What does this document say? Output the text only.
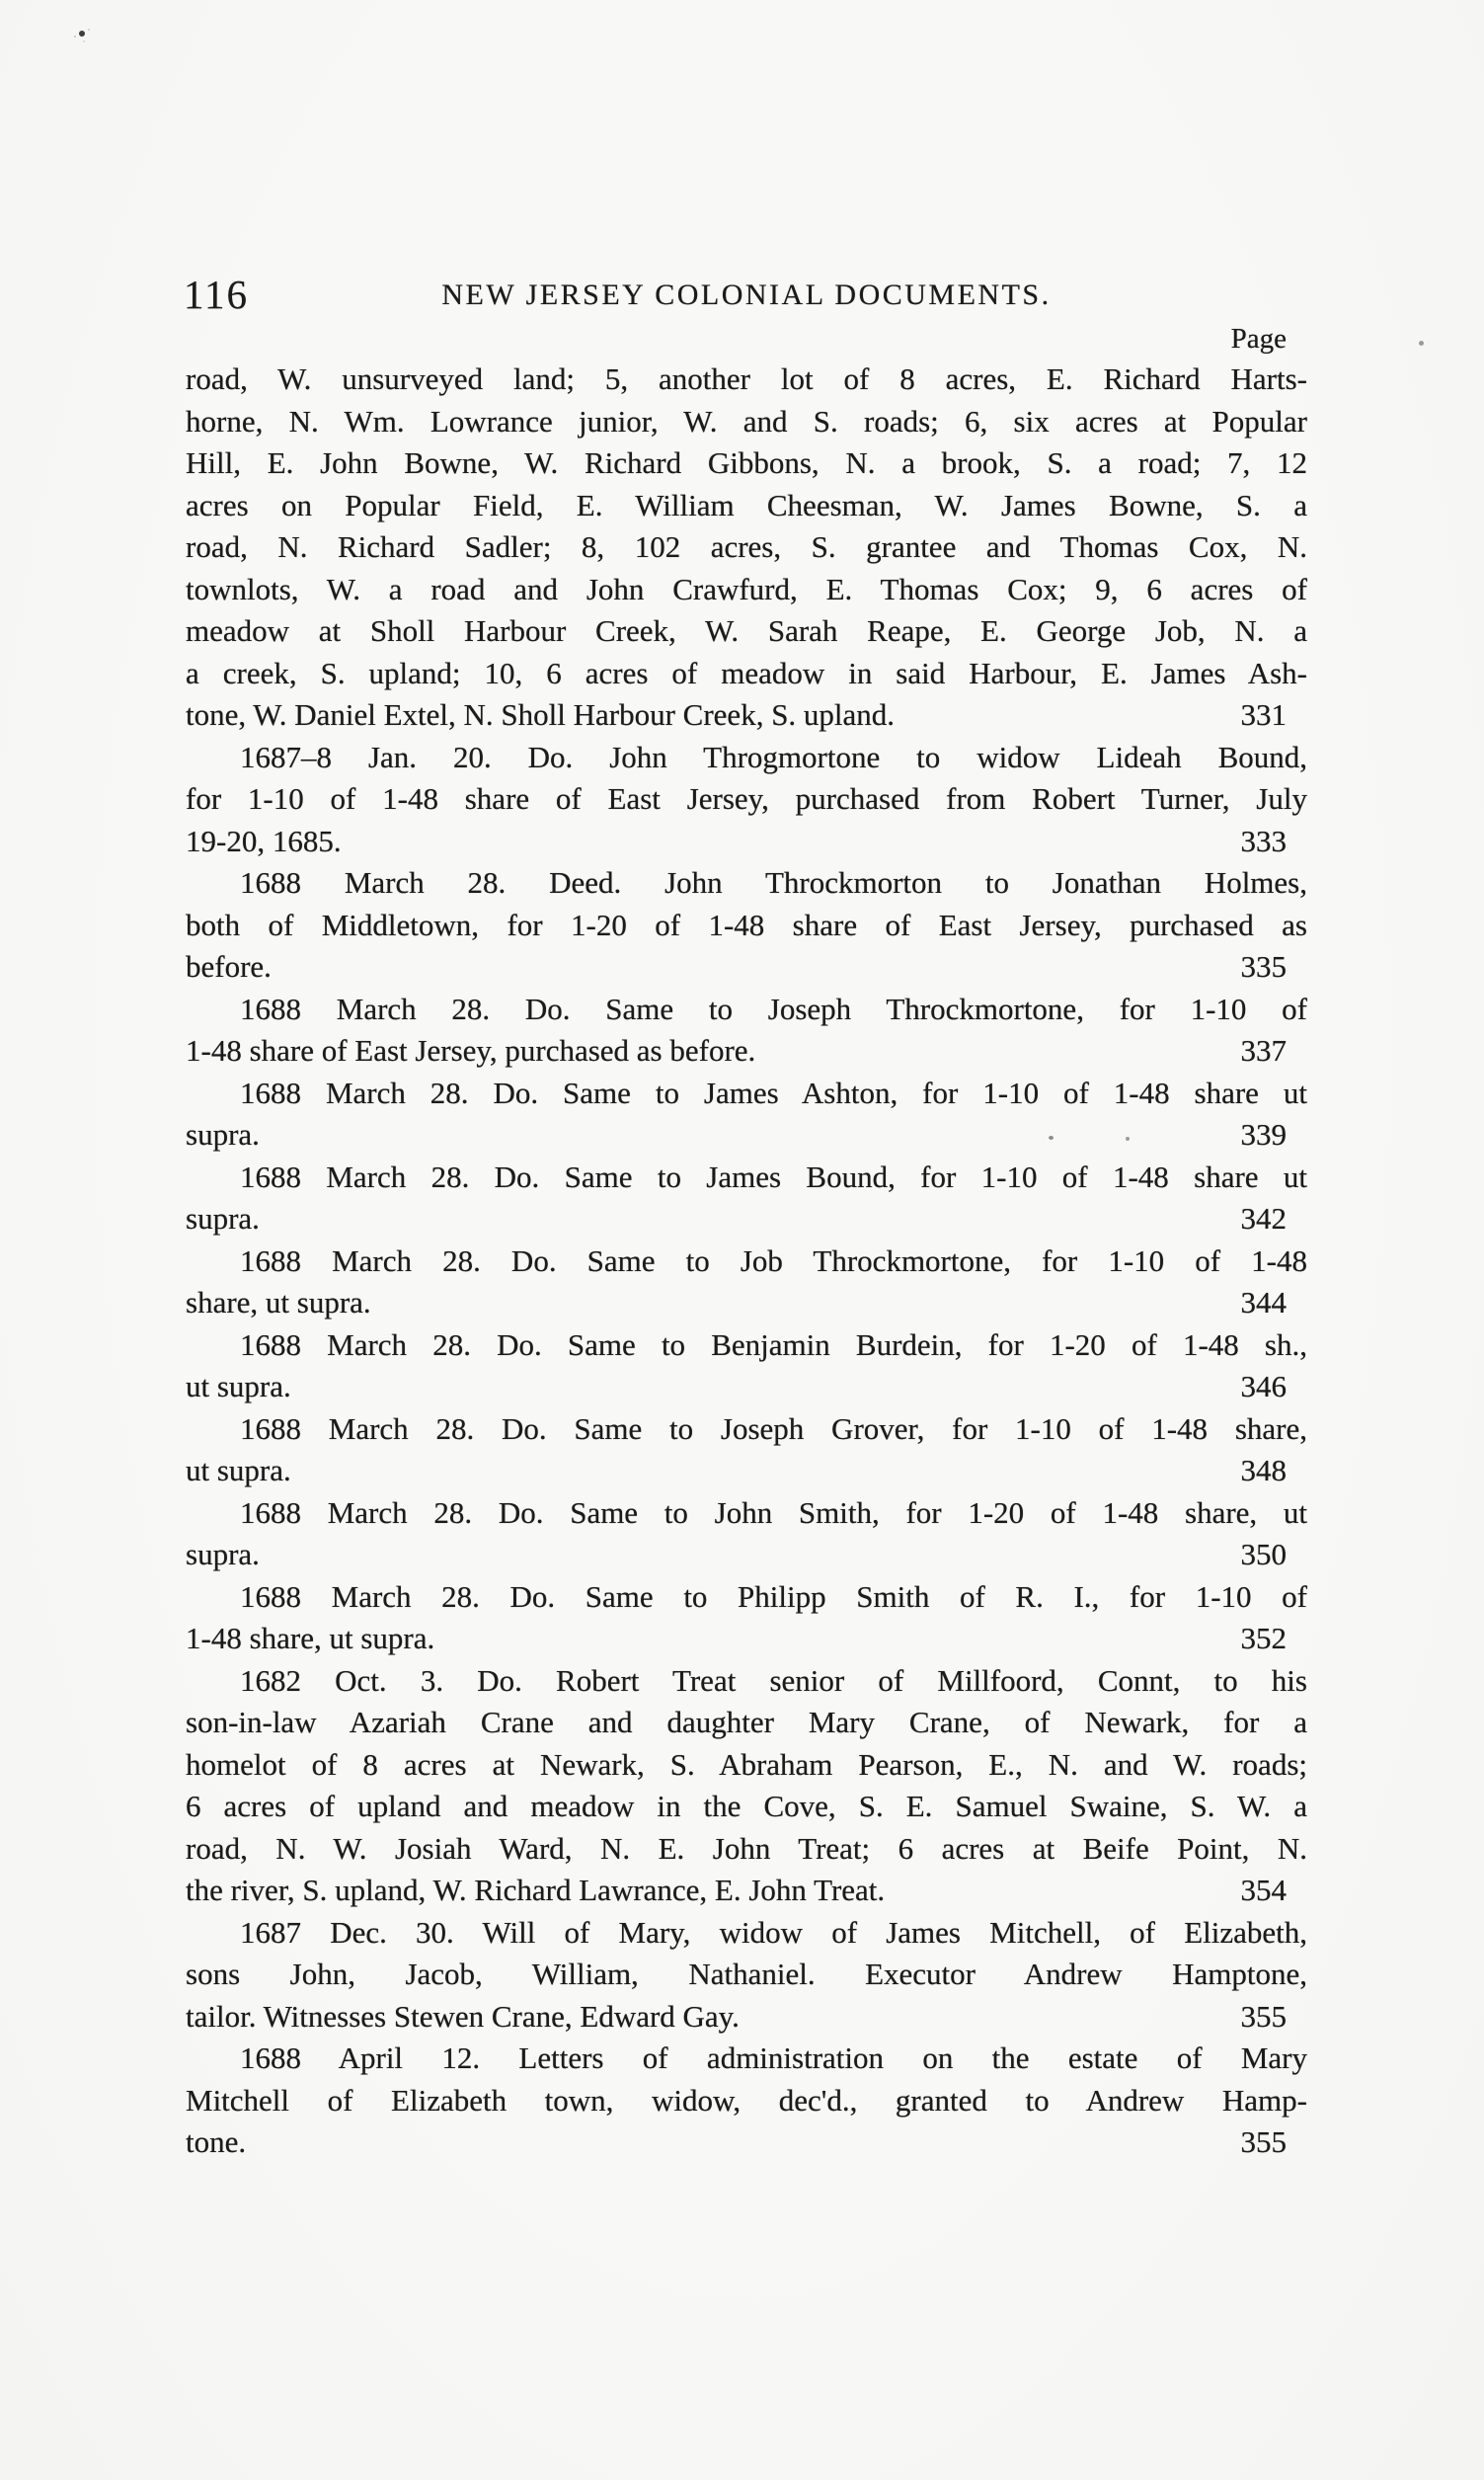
116	NEW JERSEY COLONIAL DOCUMENTS.
Page
road, W. unsurveyed land; 5, another lot of 8 acres, E. Richard Harts-
horne, N. Wm. Lowrance junior, W. and S. roads; 6, six acres at Popular
Hill, E. John Bowne, W. Richard Gibbons, N. a brook, S. a road; 7, 12
acres on Popular Field, E. William Cheesman, W. James Bowne, S. a
road, N. Richard Sadler; 8, 102 acres, S. grantee and Thomas Cox, N.
townlots, W. a road and John Crawfurd, E. Thomas Cox; 9, 6 acres of
meadow at Sholl Harbour Creek, W. Sarah Reape, E. George Job, N. a
a creek, S. upland; 10, 6 acres of meadow in said Harbour, E. James Ash-
331
tone, W. Daniel Extel, N. Sholl Harbour Creek, S. upland.
1687–8 Jan. 20. Do. John Throgmortone to widow Lideah Bound,
for 1-10 of 1-48 share of East Jersey, purchased from Robert Turner, July
333
19-20, 1685.
1688 March 28. Deed. John Throckmorton to Jonathan Holmes,
both of Middletown, for 1-20 of 1-48 share of East Jersey, purchased as
335
before.
1688 March 28. Do. Same to Joseph Throckmortone, for 1-10 of
337
1-48 share of East Jersey, purchased as before.
1688 March 28. Do. Same to James Ashton, for 1-10 of 1-48 share ut
339
supra.
1688 March 28. Do. Same to James Bound, for 1-10 of 1-48 share ut
342
supra.
1688 March 28. Do. Same to Job Throckmortone, for 1-10 of 1-48
344
share, ut supra.
1688 March 28. Do. Same to Benjamin Burdein, for 1-20 of 1-48 sh.,
346
ut supra.
1688 March 28. Do. Same to Joseph Grover, for 1-10 of 1-48 share,
348
ut supra.
1688 March 28. Do. Same to John Smith, for 1-20 of 1-48 share, ut
350
supra.
1688 March 28. Do. Same to Philipp Smith of R. I., for 1-10 of
352
1-48 share, ut supra.
1682 Oct. 3. Do. Robert Treat senior of Millfoord, Connt, to his
son-in-law Azariah Crane and daughter Mary Crane, of Newark, for a
homelot of 8 acres at Newark, S. Abraham Pearson, E., N. and W. roads;
6 acres of upland and meadow in the Cove, S. E. Samuel Swaine, S. W. a
road, N. W. Josiah Ward, N. E. John Treat; 6 acres at Beife Point, N.
354
the river, S. upland, W. Richard Lawrance, E. John Treat.
1687 Dec. 30. Will of Mary, widow of James Mitchell, of Elizabeth,
sons John, Jacob, William, Nathaniel. Executor Andrew Hamptone,
355
tailor. Witnesses Stewen Crane, Edward Gay.
1688 April 12. Letters of administration on the estate of Mary
Mitchell of Elizabeth town, widow, dec'd., granted to Andrew Hamp-
355
tone.
